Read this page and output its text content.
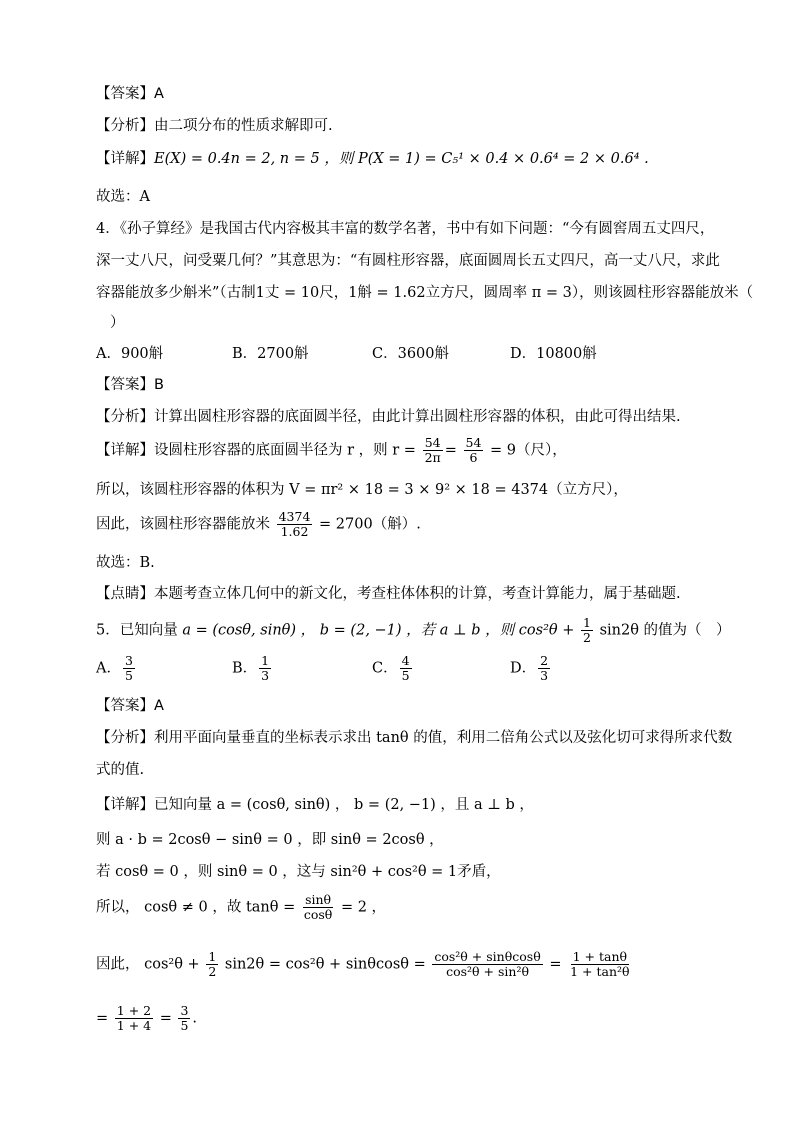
【答案】A
【分析】由二项分布的性质求解即可.
【详解】E(X) = 0.4n = 2, n = 5 ，则 P(X = 1) = C₅¹ × 0.4 × 0.6⁴ = 2 × 0.6⁴ .
故选：A
4．《孙子算经》是我国古代内容极其丰富的数学名著，书中有如下问题：“今有圆窖周五丈四尺，
深一丈八尺，问受粟几何？”其意思为：“有圆柱形容器，底面圆周长五丈四尺，高一丈八尺，求此
容器能放多少斛米”（古制1丈 = 10尺，1斛 = 1.62立方尺，圆周率 π = 3），则该圆柱形容器能放米（
）
A．900斛	B．2700斛	C．3600斛	D．10800斛
【答案】B
【分析】计算出圆柱形容器的底面圆半径，由此计算出圆柱形容器的体积，由此可得出结果.
【详解】设圆柱形容器的底面圆半径为 r ，则 $r = \frac{54}{2\pi} = \frac{54}{6} = 9$（尺），
所以，该圆柱形容器的体积为 V = πr² × 18 = 3 × 9² × 18 = 4374（立方尺），
因此，该圆柱形容器能放米 $\frac{4374}{1.62} = 2700$（斛）.
故选：B.
【点睛】本题考查立体几何中的新文化，考查柱体体积的计算，考查计算能力，属于基础题.
5．已知向量 a = (cosθ, sinθ) ， b = (2, −1) ，若 a ⊥ b ，则 $\cos^2\theta + \frac{1}{2} \sin 2\theta$ 的值为（　）
A． $\frac{3}{5}$	B． $\frac{1}{3}$	C． $\frac{4}{5}$	D． $\frac{2}{3}$
【答案】A
【分析】利用平面向量垂直的坐标表示求出 tanθ 的值，利用二倍角公式以及弦化切可求得所求代数
式的值.
【详解】已知向量 a = (cosθ, sinθ) ， b = (2, −1) ，且 a ⊥ b ，
则 a · b = 2cosθ − sinθ = 0 ，即 sinθ = 2cosθ ，
若 cosθ = 0 ，则 sinθ = 0 ，这与 sin²θ + cos²θ = 1矛盾，
所以， cosθ ≠ 0 ，故 $\tan\theta = \frac{\sin\theta}{\cos\theta} = 2$ ，
因此， $\cos^2\theta + \frac{1}{2} \sin 2\theta = \cos^2\theta + \sin\theta\cos\theta = \frac{\text{cos²θ + sinθcosθ}}{\text{cos²θ + sin²θ}} = \frac{1 + \tan\theta}{\text{1 + tan²θ}}$
= $\frac{1 + 2}{1 + 4} = \frac{3}{5}$ .
